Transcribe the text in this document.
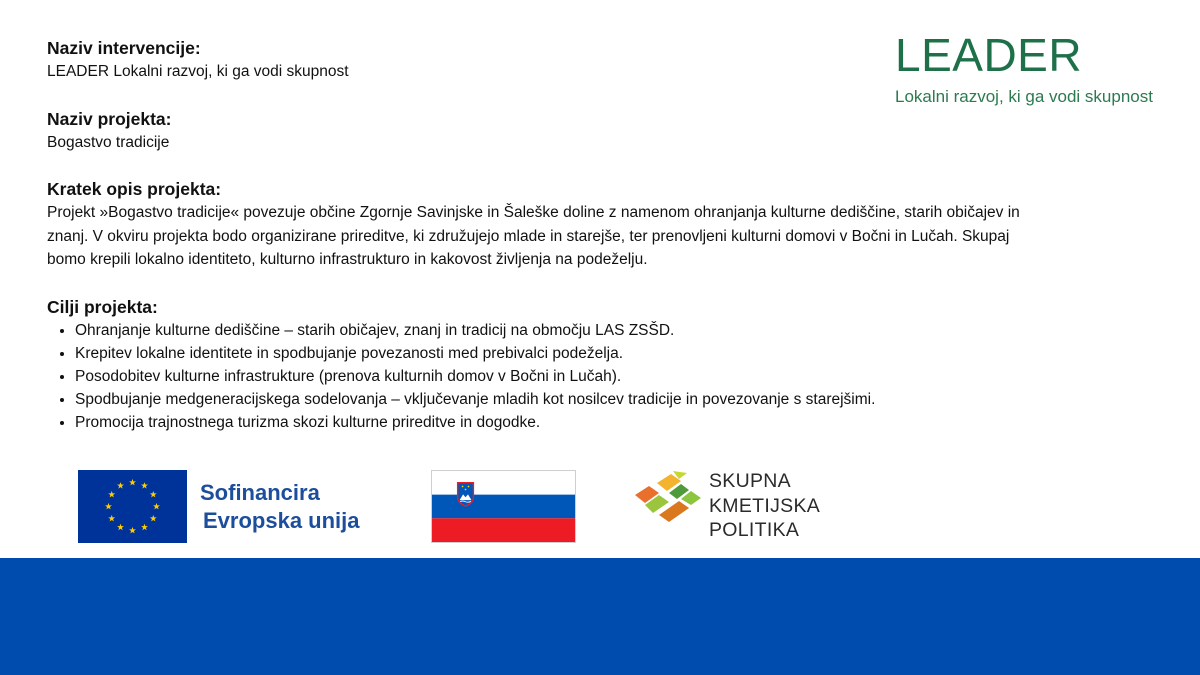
Naziv intervencije:
LEADER Lokalni razvoj, ki ga vodi skupnost
Naziv projekta:
Bogastvo tradicije
Kratek opis projekta:
Projekt »Bogastvo tradicije« povezuje občine Zgornje Savinjske in Šaleške doline z namenom ohranjanja kulturne dediščine, starih običajev in znanj. V okviru projekta bodo organizirane prireditve, ki združujejo mlade in starejše, ter prenovljeni kulturni domovi v Bočni in Lučah. Skupaj bomo krepili lokalno identiteto, kulturno infrastrukturo in kakovost življenja na podeželju.
Cilji projekta:
• Ohranjanje kulturne dediščine – starih običajev, znanj in tradicij na območju LAS ZSŠD.
• Krepitev lokalne identitete in spodbujanje povezanosti med prebivalci podeželja.
• Posodobitev kulturne infrastrukture (prenova kulturnih domov v Bočni in Lučah).
• Spodbujanje medgeneracijskega sodelovanja – vključevanje mladih kot nosilcev tradicije in povezovanje s starejšimi.
• Promocija trajnostnega turizma skozi kulturne prireditve in dogodke.
LEADER
Lokalni razvoj, ki ga vodi skupnost
Sofinancira
Evropska unija
SKUPNA
KMETIJSKA
POLITIKA
